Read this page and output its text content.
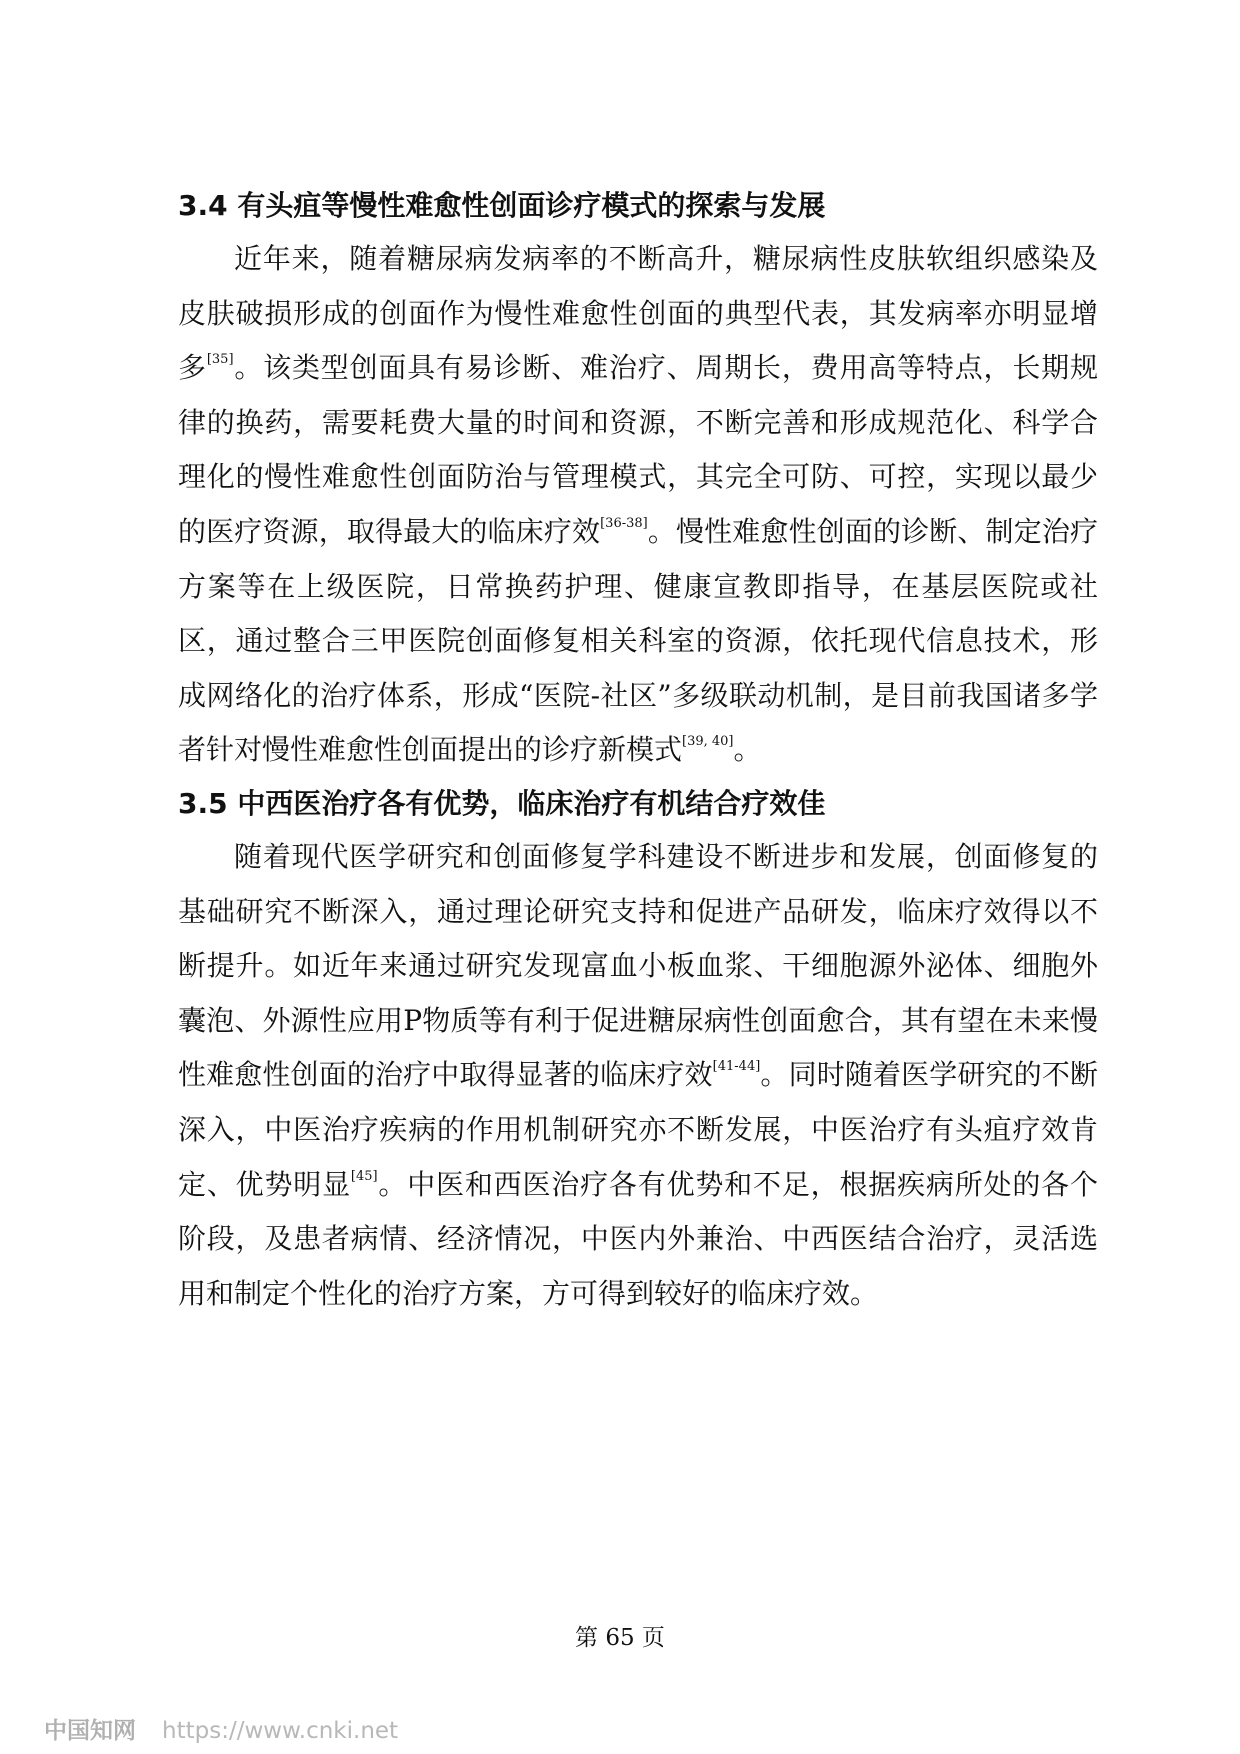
3.4 有头疽等慢性难愈性创面诊疗模式的探索与发展

近年来，随着糖尿病发病率的不断高升，糖尿病性皮肤软组织感染及皮肤破损形成的创面作为慢性难愈性创面的典型代表，其发病率亦明显增多[35]。该类型创面具有易诊断、难治疗、周期长，费用高等特点，长期规律的换药，需要耗费大量的时间和资源，不断完善和形成规范化、科学合理化的慢性难愈性创面防治与管理模式，其完全可防、可控，实现以最少的医疗资源，取得最大的临床疗效[36-38]。慢性难愈性创面的诊断、制定治疗方案等在上级医院，日常换药护理、健康宣教即指导，在基层医院或社区，通过整合三甲医院创面修复相关科室的资源，依托现代信息技术，形成网络化的治疗体系，形成“医院-社区”多级联动机制，是目前我国诸多学者针对慢性难愈性创面提出的诊疗新模式[39, 40]。

3.5 中西医治疗各有优势，临床治疗有机结合疗效佳

随着现代医学研究和创面修复学科建设不断进步和发展，创面修复的基础研究不断深入，通过理论研究支持和促进产品研发，临床疗效得以不断提升。如近年来通过研究发现富血小板血浆、干细胞源外泌体、细胞外囊泡、外源性应用P物质等有利于促进糖尿病性创面愈合，其有望在未来慢性难愈性创面的治疗中取得显著的临床疗效[41-44]。同时随着医学研究的不断深入，中医治疗疾病的作用机制研究亦不断发展，中医治疗有头疽疗效肯定、优势明显[45]。中医和西医治疗各有优势和不足，根据疾病所处的各个阶段，及患者病情、经济情况，中医内外兼治、中西医结合治疗，灵活选用和制定个性化的治疗方案，方可得到较好的临床疗效。

第 65 页
中国知网 https://www.cnki.net
